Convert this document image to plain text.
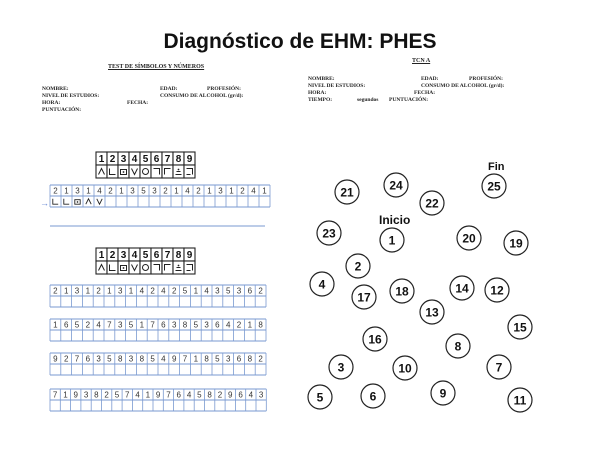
Diagnóstico de EHM: PHES
TEST DE SÍMBOLOS Y NÚMEROS
NOMBRE:	EDAD:	PROFESIÓN:
NIVEL DE ESTUDIOS:	CONSUMO DE ALCOHOL (gr/d):
HORA:	FECHA:
PUNTUACIÓN:
TCN A
NOMBRE:	EDAD:	PROFESIÓN:
NIVEL DE ESTUDIOS:	CONSUMO DE ALCOHOL (gr/d):
HORA:	FECHA:
TIEMPO:	segundos PUNTUACIÓN:
1 2 3 4 5 6 7 8 9
1 2 3 4 5 6 7 8 9
→
2 1 3 1 4 2 1 3 5 3 2 1 4 2 1 3 1 2 4 1
2 1 3 1 2 1 3 1 4 2 4 2 5 1 4 3 5 3 6 2
1 6 5 2 4 7 3 5 1 7 6 3 8 5 3 6 4 2 1 8
9 2 7 6 3 5 8 3 8 5 4 9 7 1 8 5 3 6 8 2
7 1 9 3 8 2 5 7 4 1 9 7 6 4 5 8 2 9 6 4 3
21	24
22
25
23	1	20	19
2
4
17 18	14 12
13
15
16	8
3	10	7
5	6	9	11
Inicio
Fin
